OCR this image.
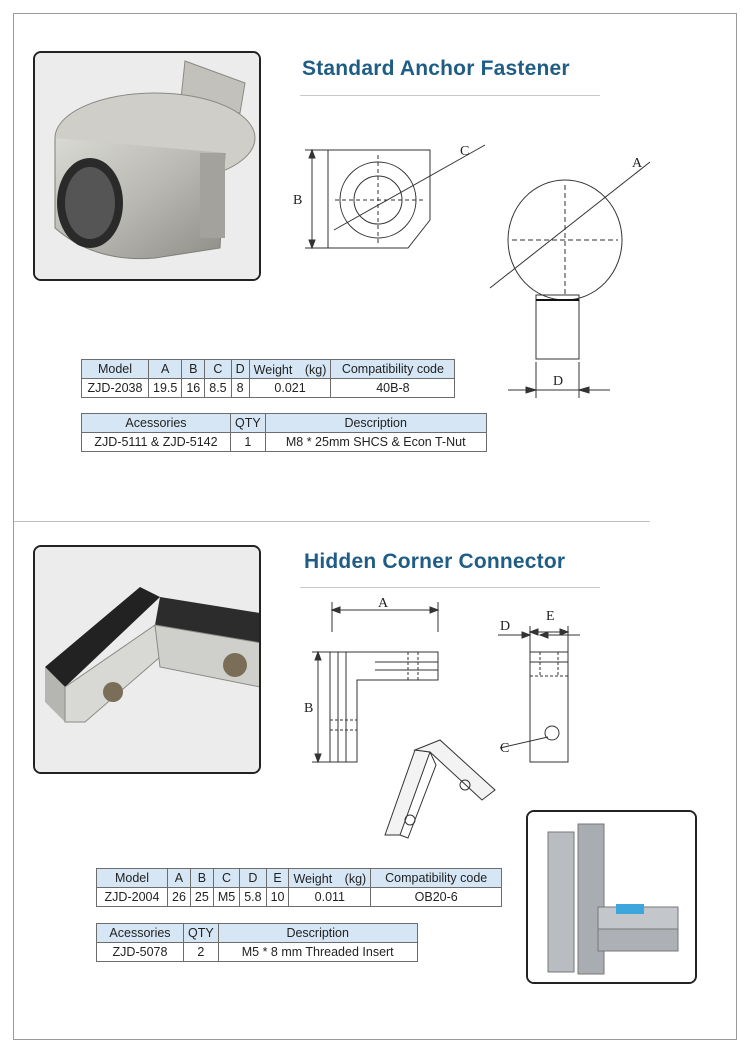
Standard Anchor Fastener
B
C
A
D
Model	A	B	C	D	Weight　(kg)	Compatibility code
ZJD-2038	19.5	16	8.5	8	0.021	40B-8
Acessories	QTY	Description
ZJD-5111 & ZJD-5142	1	M8 * 25mm SHCS & Econ T-Nut
Hidden Corner Connector
A
B
D
E
C
Model	A	B	C	D	E	Weight　(kg)	Compatibility code
ZJD-2004	26	25	M5	5.8	10	0.011	OB20-6
Acessories	QTY	Description
ZJD-5078	2	M5 * 8 mm Threaded Insert
